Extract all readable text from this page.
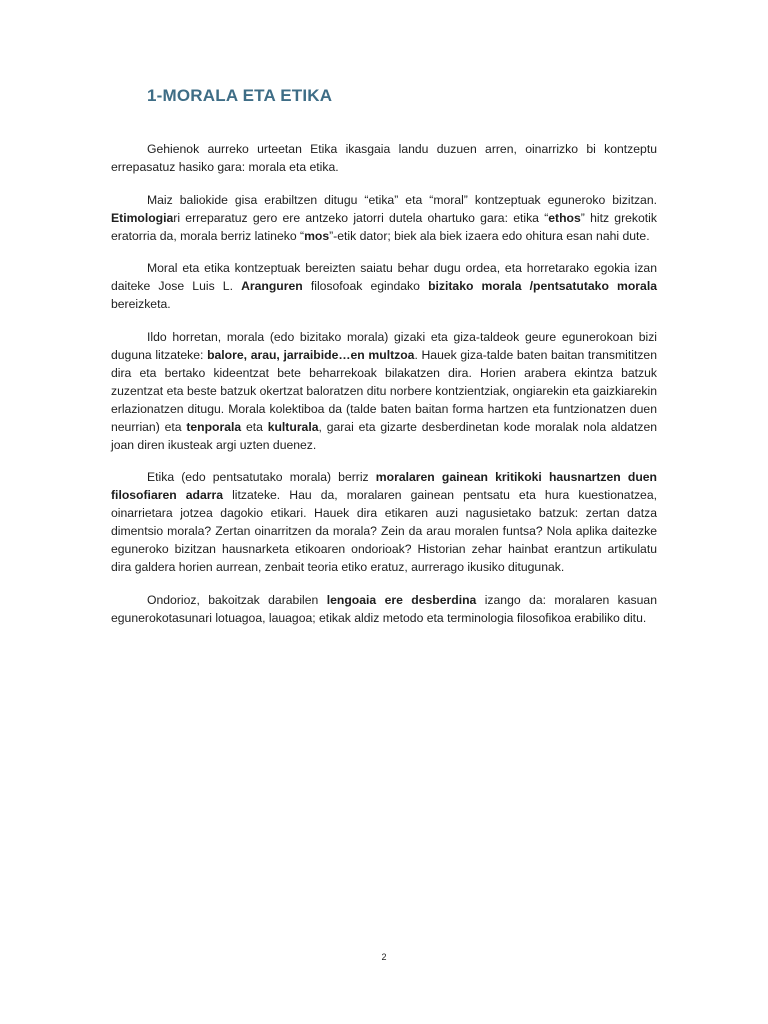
1-MORALA ETA ETIKA

Gehienok aurreko urteetan Etika ikasgaia landu duzuen arren, oinarrizko bi kontzeptu errepasatuz hasiko gara: morala eta etika.

Maiz baliokide gisa erabiltzen ditugu “etika” eta “moral” kontzeptuak eguneroko bizitzan. Etimologiari erreparatuz gero ere antzeko jatorri dutela ohartuko gara: etika “ethos” hitz grekotik eratorria da, morala berriz latineko “mos”-etik dator; biek ala biek izaera edo ohitura esan nahi dute.

Moral eta etika kontzeptuak bereizten saiatu behar dugu ordea, eta horretarako egokia izan daiteke Jose Luis L. Aranguren filosofoak egindako bizitako morala /pentsatutako morala bereizketa.

Ildo horretan, morala (edo bizitako morala) gizaki eta giza-taldeok geure egunerokoan bizi duguna litzateke: balore, arau, jarraibide…en multzoa. Hauek giza-talde baten baitan transmititzen dira eta bertako kideentzat bete beharrekoak bilakatzen dira. Horien arabera ekintza batzuk zuzentzat eta beste batzuk okertzat baloratzen ditu norbere kontzientziak, ongiarekin eta gaizkiarekin erlazionatzen ditugu. Morala kolektiboa da (talde baten baitan forma hartzen eta funtzionatzen duen neurrian) eta tenporala eta kulturala, garai eta gizarte desberdinetan kode moralak nola aldatzen joan diren ikusteak argi uzten duenez.

Etika (edo pentsatutako morala) berriz moralaren gainean kritikoki hausnartzen duen filosofiaren adarra litzateke. Hau da, moralaren gainean pentsatu eta hura kuestionatzea, oinarrietara jotzea dagokio etikari. Hauek dira etikaren auzi nagusietako batzuk: zertan datza dimentsio morala? Zertan oinarritzen da morala? Zein da arau moralen funtsa? Nola aplika daitezke eguneroko bizitzan hausnarketa etikoaren ondorioak? Historian zehar hainbat erantzun artikulatu dira galdera horien aurrean, zenbait teoria etiko eratuz, aurrerago ikusiko ditugunak.

Ondorioz, bakoitzak darabilen lengoaia ere desberdina izango da: moralaren kasuan egunerokotasunari lotuagoa, lauagoa; etikak aldiz metodo eta terminologia filosofikoa erabiliko ditu.

2
